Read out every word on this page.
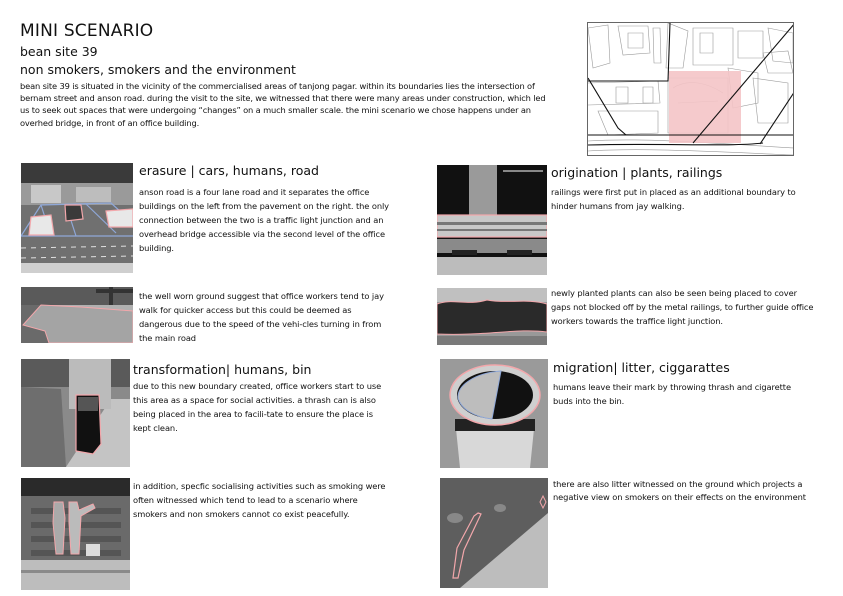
MINI SCENARIO
bean site 39
non smokers, smokers and the environment
bean site 39 is situated in the vicinity of the commercialised areas of tanjong pagar. within its boundaries lies the intersection of bernam street and anson road. during the visit to the site, we witnessed that there were many areas under construction, which led us to seek out spaces that were undergoing “changes” on a much smaller scale. the mini scenario we chose happens under an overhed bridge, in front of an office building.
erasure | cars, humans, road
anson road is a four lane road and it separates the office buildings on the left from the pavement on the right. the only connection between the two is a traffic light junction and an overhead bridge accessible via the second level of the office building.
the well worn ground suggest that office workers tend to jay walk for quicker access but this could be deemed as dangerous due to the speed of the vehi-cles turning in from the main road
transformation| humans, bin
due to this new boundary created, office workers start to use this area as a space for social activities. a thrash can is also being placed in the area to facili-tate to ensure the place is kept clean.
in addition, specfic socialising activities such as smoking were often witnessed which tend to lead to a scenario where smokers and non smokers cannot co exist peacefully.
origination | plants, railings
railings were first put in placed as an additional boundary to hinder humans from jay walking.
newly planted plants can also be seen being placed to cover gaps not blocked off by the metal railings, to further guide office workers towards the traffice light junction.
migration| litter, ciggarattes
humans leave their mark by throwing thrash and cigarette buds into the bin.
there are also litter witnessed on the ground which projects a negative view on smokers on their effects on the environment
